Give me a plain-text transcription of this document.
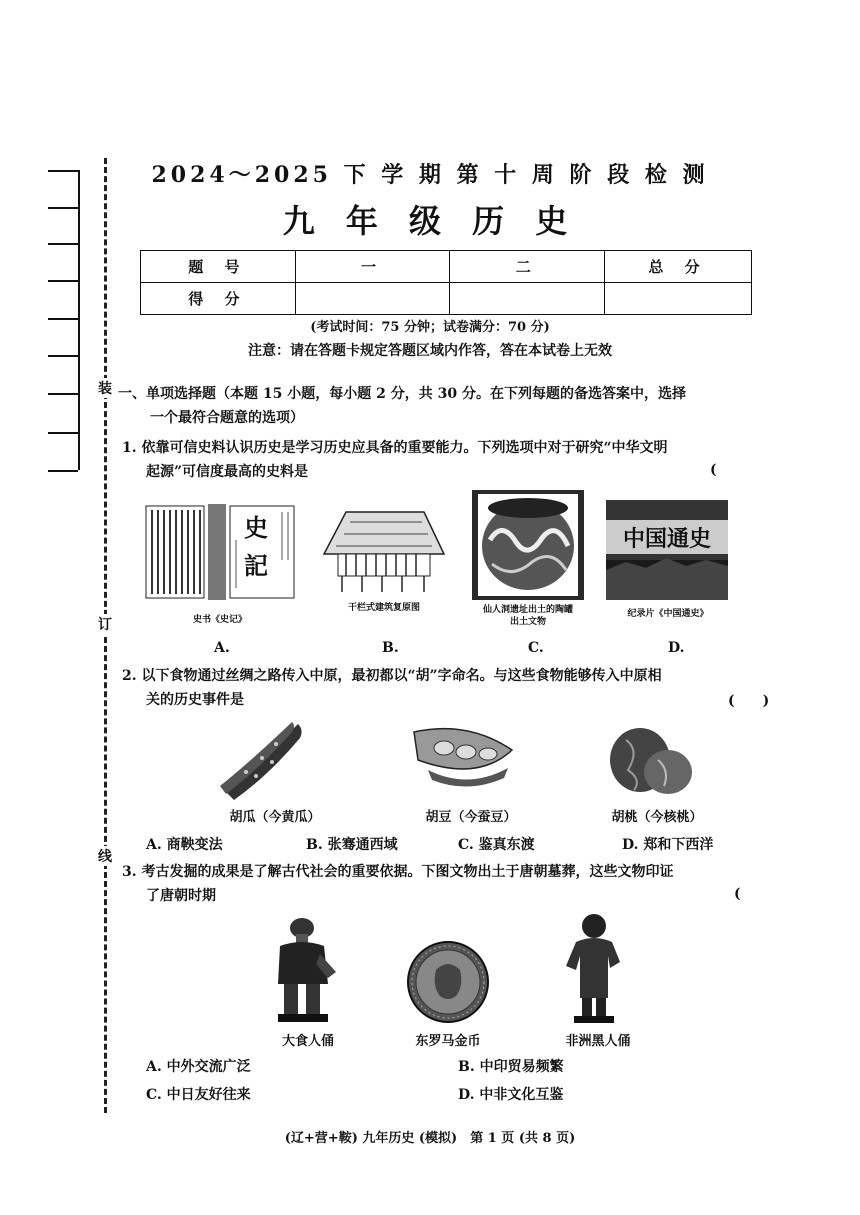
装
订
线
2024～2025 下 学 期 第 十 周 阶 段 检 测
九 年 级 历 史
题 号	一	二	总 分
得 分			
(考试时间：75 分钟；试卷满分：70 分)
注意：请在答题卡规定答题区域内作答，答在本试卷上无效
一、单项选择题（本题 15 小题，每小题 2 分，共 30 分。在下列每题的备选答案中，选择
一个最符合题意的选项）
1. 依靠可信史料认识历史是学习历史应具备的重要能力。下列选项中对于研究“中华文明
起源”可信度最高的史料是	(
史
記
中国通史
史书《史记》
干栏式建筑复原图	仙人洞遗址出土的陶罐
出土文物
纪录片《中国通史》
A.	B.	C.	D.
2. 以下食物通过丝绸之路传入中原，最初都以“胡”字命名。与这些食物能够传入中原相
关的历史事件是	(　　)
胡瓜（今黄瓜）	胡豆（今蚕豆）	胡桃（今核桃）
A. 商鞅变法	B. 张骞通西域	C. 鉴真东渡	D. 郑和下西洋
3. 考古发掘的成果是了解古代社会的重要依据。下图文物出土于唐朝墓葬，这些文物印证
了唐朝时期	(
大食人俑	东罗马金币	非洲黑人俑
A. 中外交流广泛	B. 中印贸易频繁
C. 中日友好往来	D. 中非文化互鉴
(辽+营+鞍) 九年历史 (模拟)　第 1 页 (共 8 页)
